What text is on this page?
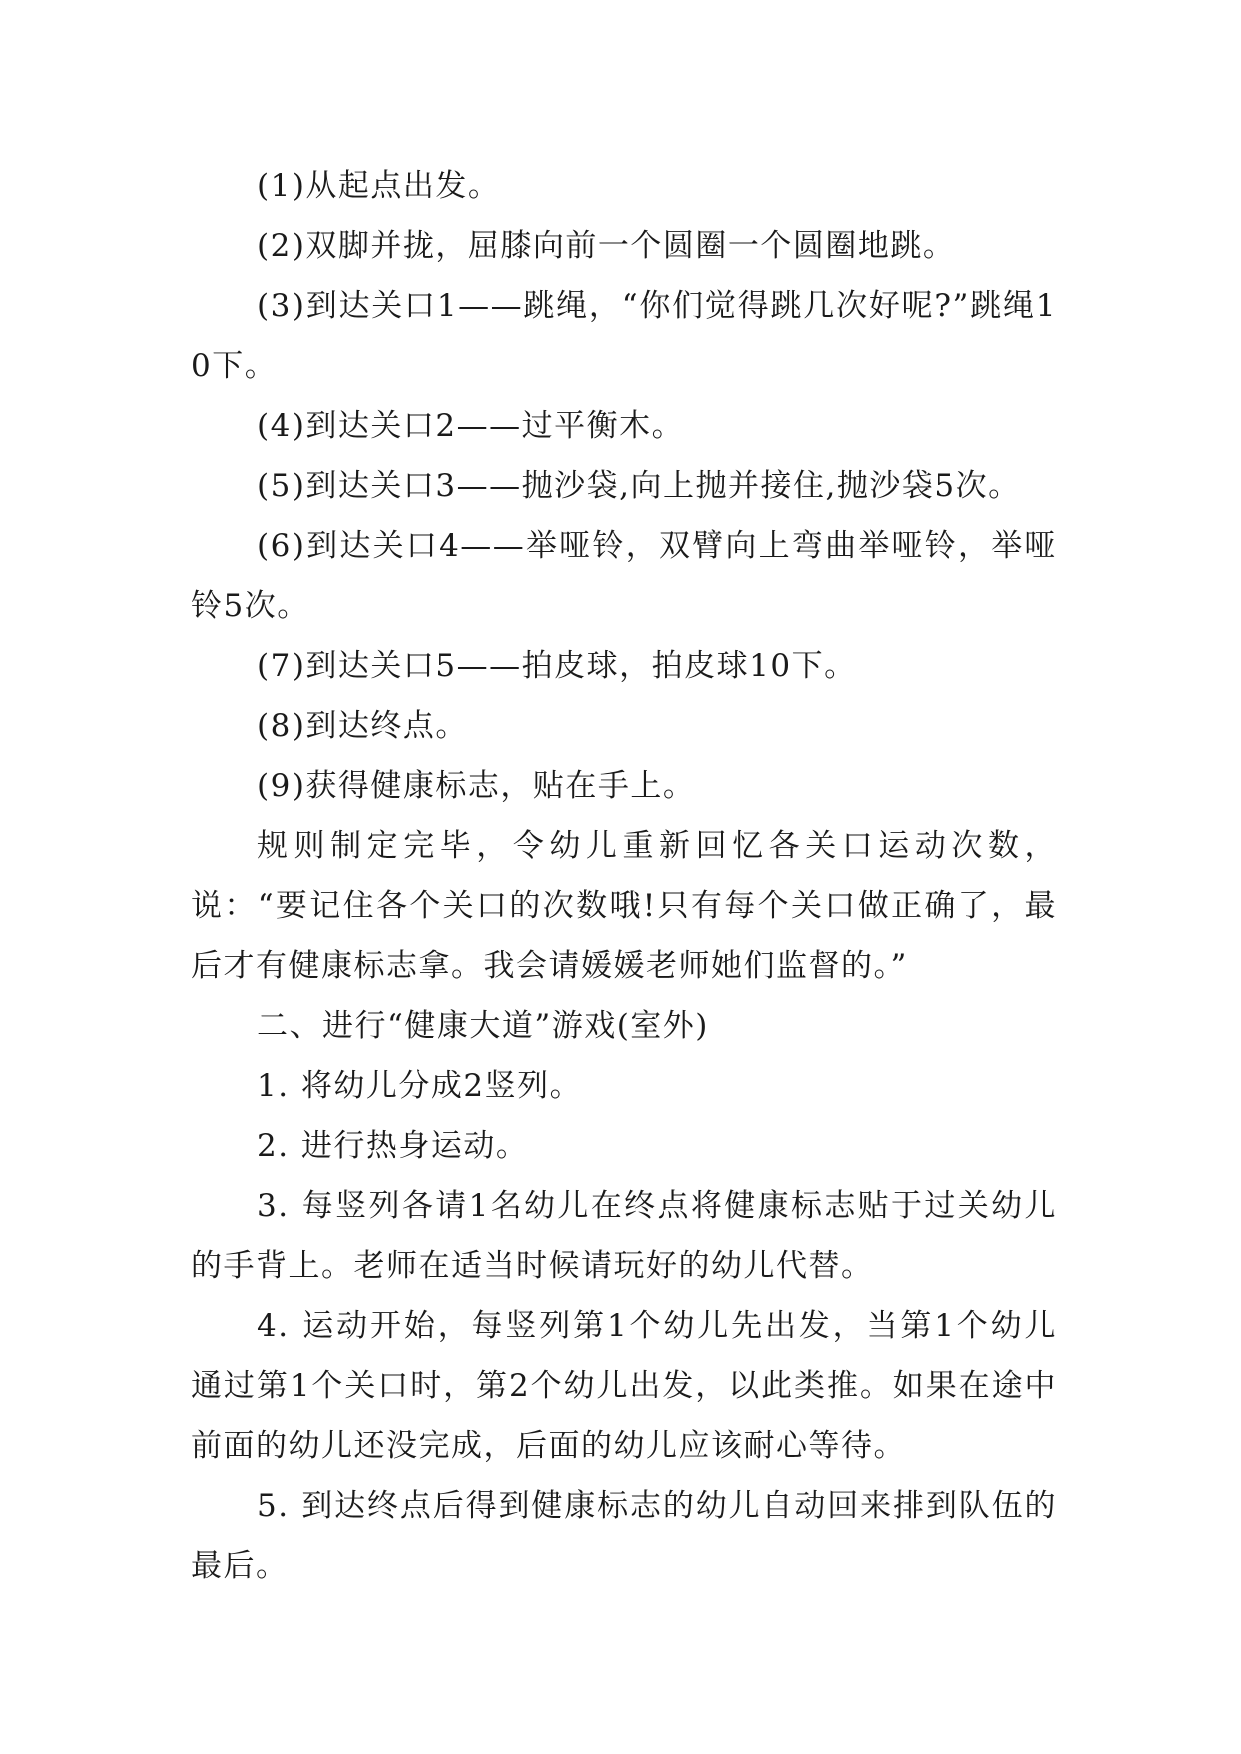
(1)从起点出发。

(2)双脚并拢，屈膝向前一个圆圈一个圆圈地跳。

(3)到达关口1——跳绳，“你们觉得跳几次好呢?”跳绳10下。

(4)到达关口2——过平衡木。

(5)到达关口3——抛沙袋,向上抛并接住,抛沙袋5次。

(6)到达关口4——举哑铃，双臂向上弯曲举哑铃，举哑铃5次。

(7)到达关口5——拍皮球，拍皮球10下。

(8)到达终点。

(9)获得健康标志，贴在手上。

规则制定完毕，令幼儿重新回忆各关口运动次数，说：“要记住各个关口的次数哦!只有每个关口做正确了，最后才有健康标志拿。我会请媛媛老师她们监督的。”

二、进行“健康大道”游戏(室外)

1. 将幼儿分成2竖列。

2. 进行热身运动。

3. 每竖列各请1名幼儿在终点将健康标志贴于过关幼儿的手背上。老师在适当时候请玩好的幼儿代替。

4. 运动开始，每竖列第1个幼儿先出发，当第1个幼儿通过第1个关口时，第2个幼儿出发，以此类推。如果在途中前面的幼儿还没完成，后面的幼儿应该耐心等待。

5. 到达终点后得到健康标志的幼儿自动回来排到队伍的最后。
